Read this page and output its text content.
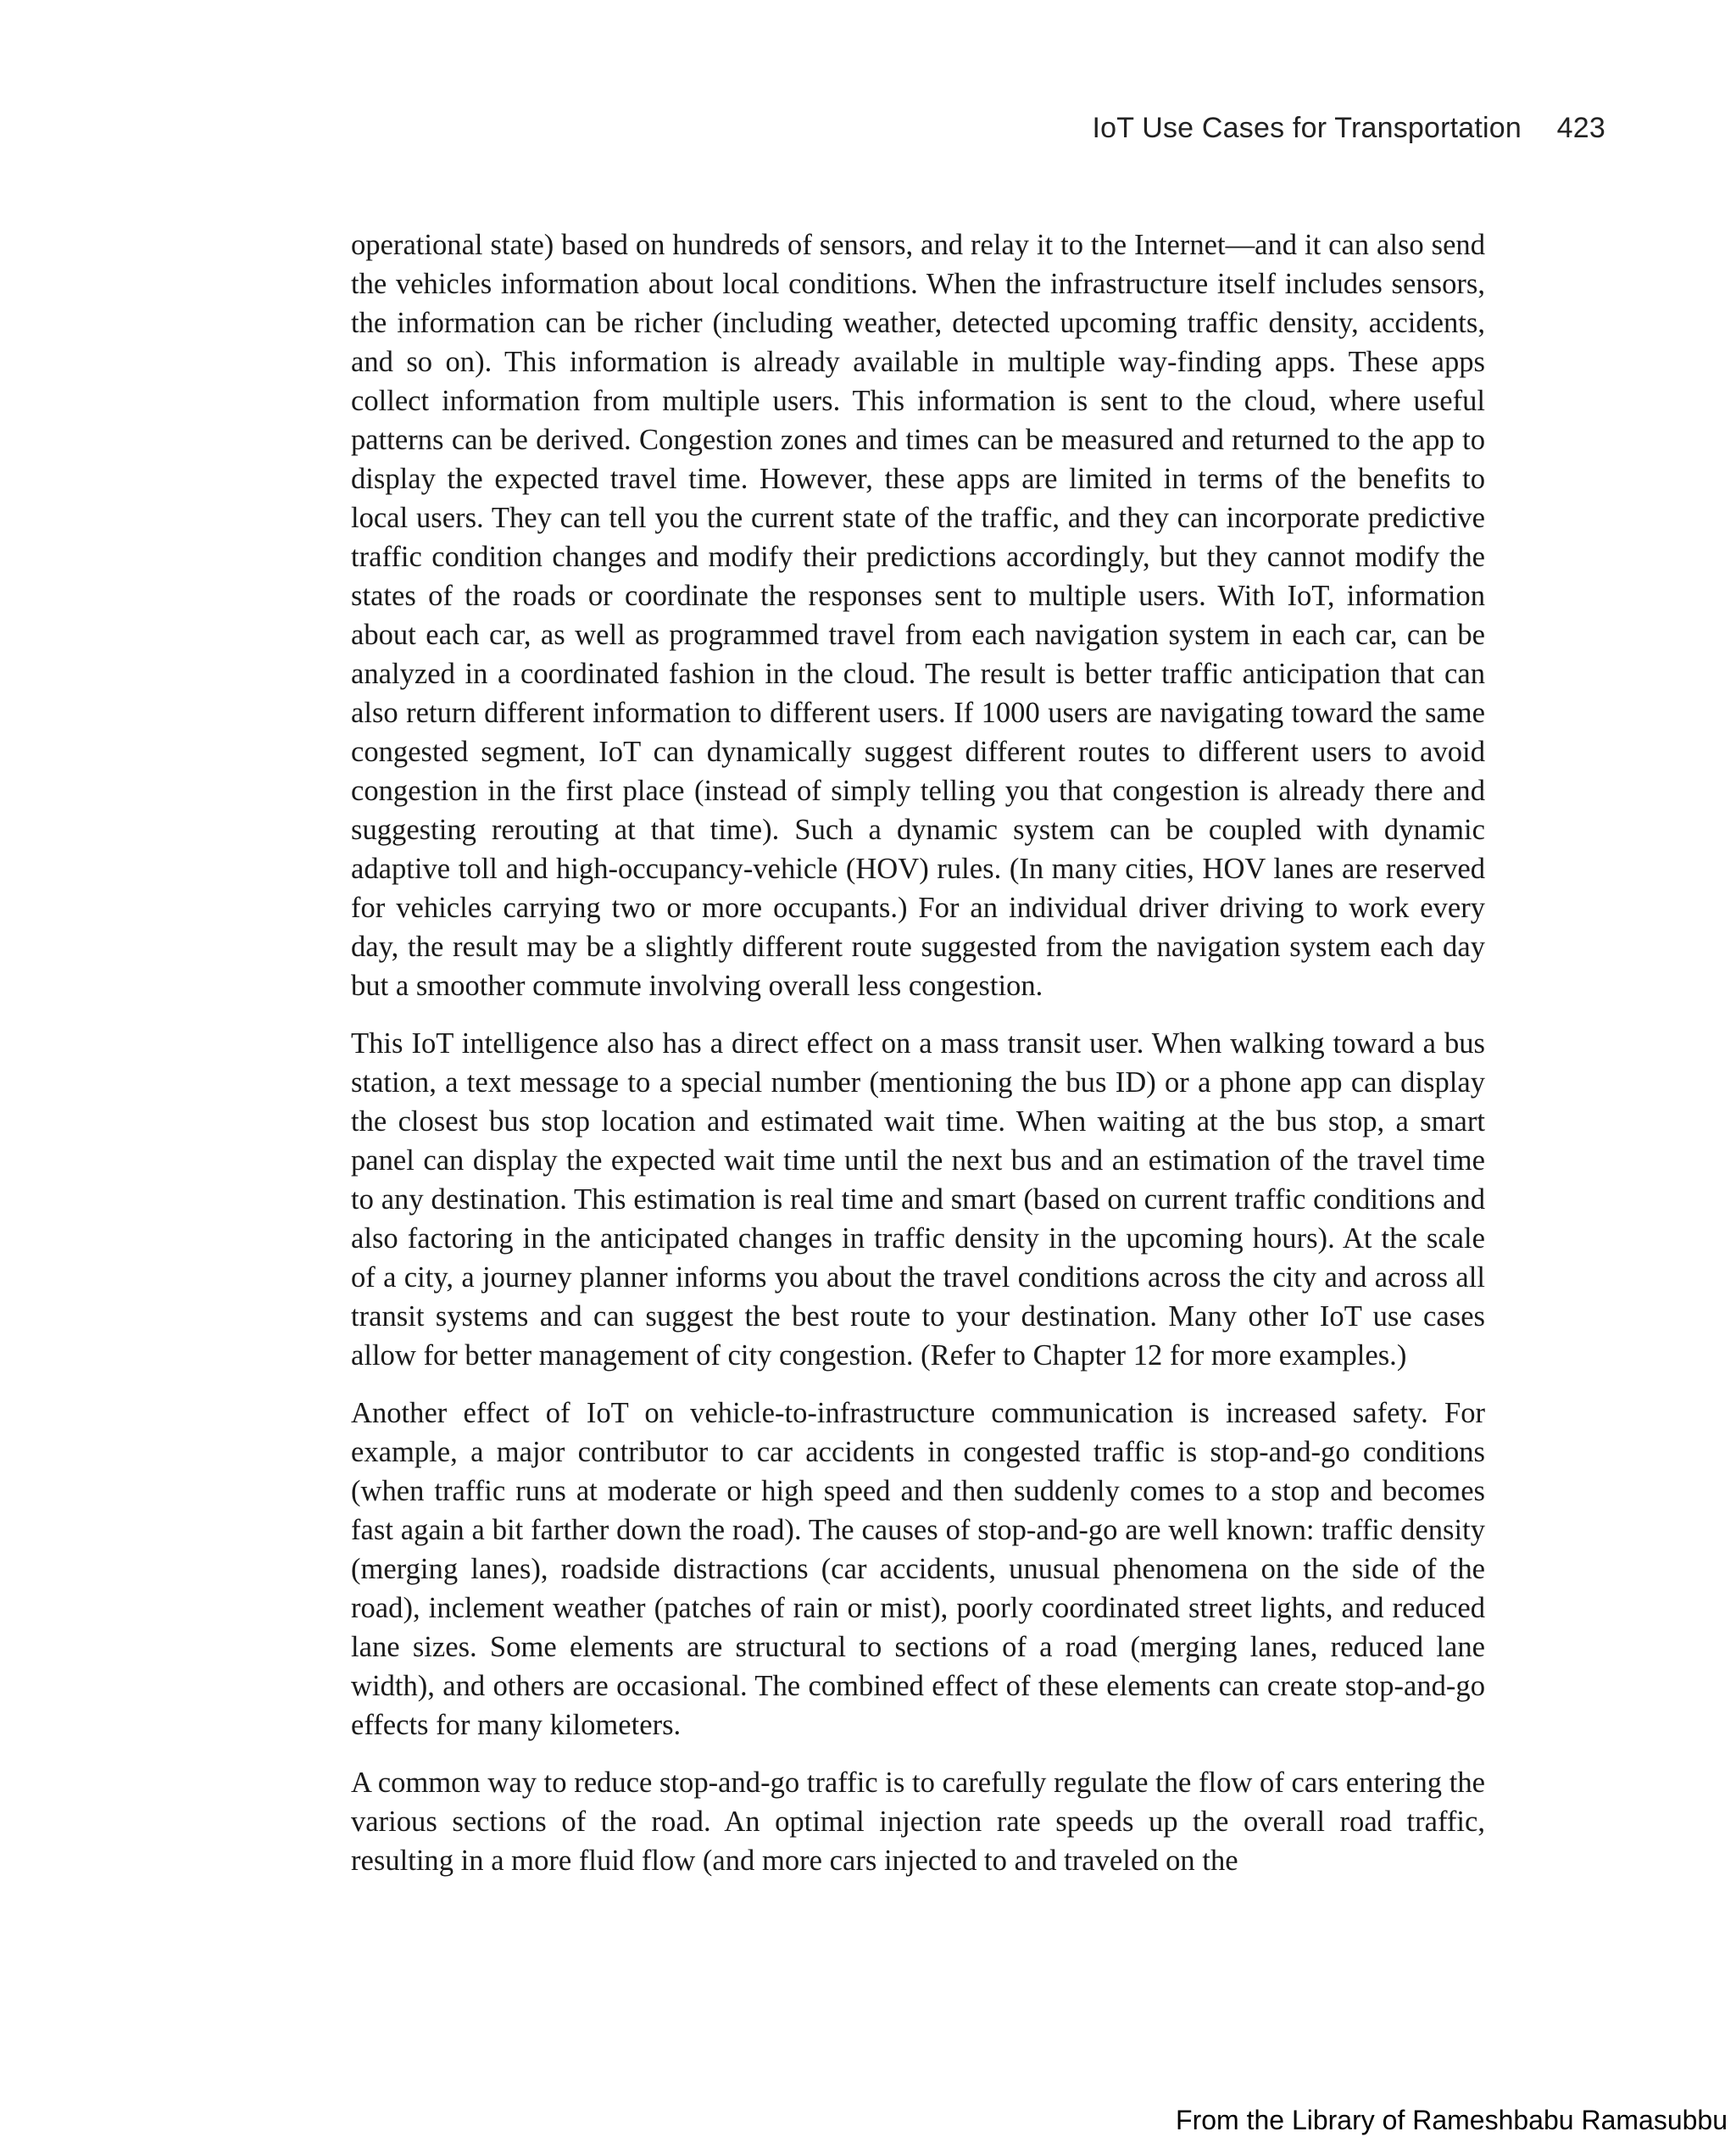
IoT Use Cases for Transportation 423

operational state) based on hundreds of sensors, and relay it to the Internet—and it can also send the vehicles information about local conditions. When the infrastructure itself includes sensors, the information can be richer (including weather, detected upcoming traffic density, accidents, and so on). This information is already available in multiple way-finding apps. These apps collect information from multiple users. This information is sent to the cloud, where useful patterns can be derived. Congestion zones and times can be measured and returned to the app to display the expected travel time. However, these apps are limited in terms of the benefits to local users. They can tell you the current state of the traffic, and they can incorporate predictive traffic condition changes and modify their predictions accordingly, but they cannot modify the states of the roads or coordinate the responses sent to multiple users. With IoT, information about each car, as well as programmed travel from each navigation system in each car, can be analyzed in a coordinated fashion in the cloud. The result is better traffic anticipation that can also return different information to different users. If 1000 users are navigating toward the same congested segment, IoT can dynamically suggest different routes to different users to avoid congestion in the first place (instead of simply telling you that congestion is already there and suggesting rerouting at that time). Such a dynamic system can be coupled with dynamic adaptive toll and high-occupancy-vehicle (HOV) rules. (In many cities, HOV lanes are reserved for vehicles carrying two or more occupants.) For an individual driver driving to work every day, the result may be a slightly different route suggested from the navigation system each day but a smoother commute involving overall less congestion.

This IoT intelligence also has a direct effect on a mass transit user. When walking toward a bus station, a text message to a special number (mentioning the bus ID) or a phone app can display the closest bus stop location and estimated wait time. When waiting at the bus stop, a smart panel can display the expected wait time until the next bus and an estimation of the travel time to any destination. This estimation is real time and smart (based on current traffic conditions and also factoring in the anticipated changes in traffic density in the upcoming hours). At the scale of a city, a journey planner informs you about the travel conditions across the city and across all transit systems and can suggest the best route to your destination. Many other IoT use cases allow for better management of city congestion. (Refer to Chapter 12 for more examples.)

Another effect of IoT on vehicle-to-infrastructure communication is increased safety. For example, a major contributor to car accidents in congested traffic is stop-and-go conditions (when traffic runs at moderate or high speed and then suddenly comes to a stop and becomes fast again a bit farther down the road). The causes of stop-and-go are well known: traffic density (merging lanes), roadside distractions (car accidents, unusual phenomena on the side of the road), inclement weather (patches of rain or mist), poorly coordinated street lights, and reduced lane sizes. Some elements are structural to sections of a road (merging lanes, reduced lane width), and others are occasional. The combined effect of these elements can create stop-and-go effects for many kilometers.

A common way to reduce stop-and-go traffic is to carefully regulate the flow of cars entering the various sections of the road. An optimal injection rate speeds up the overall road traffic, resulting in a more fluid flow (and more cars injected to and traveled on the

From the Library of Rameshbabu Ramasubbu
